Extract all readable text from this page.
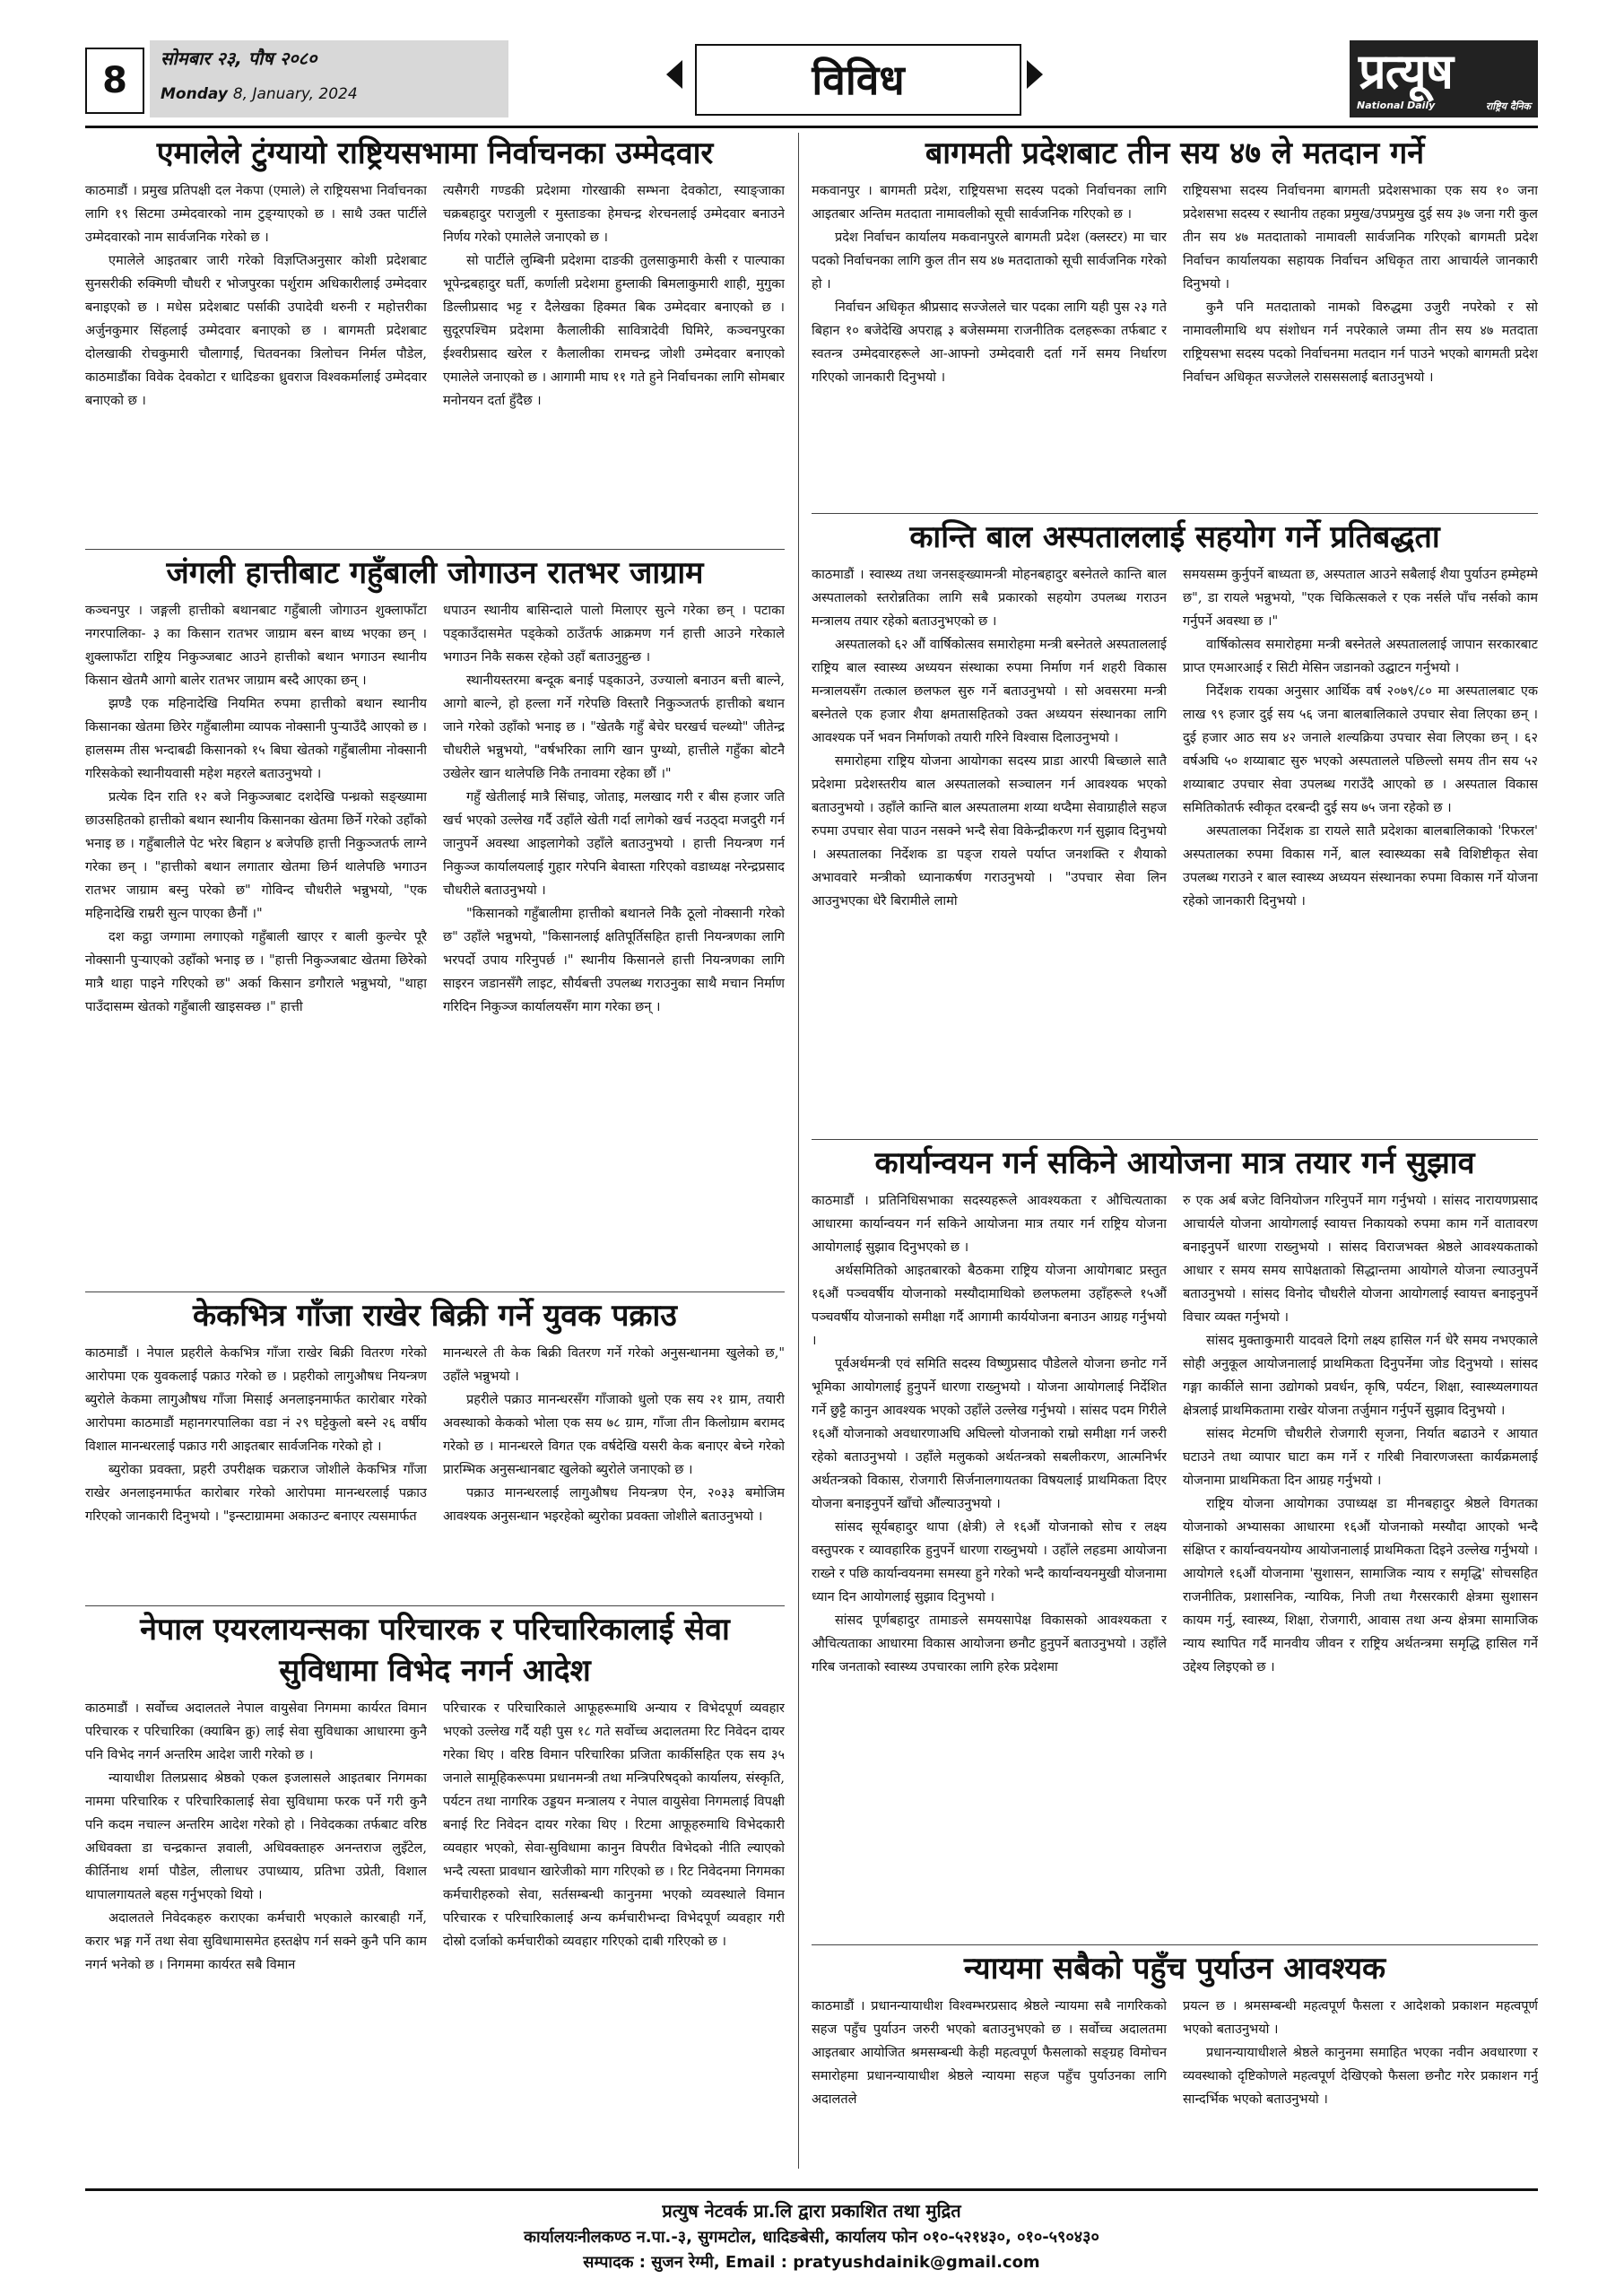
8
सोमबार २३, पौष २०८०
Monday 8, January, 2024	विविध	प्रत्यूष
National Daily	राष्ट्रिय दैनिक
एमालेले टुंग्यायो राष्ट्रियसभामा निर्वाचनका उम्मेदवार

काठमाडौं । प्रमुख प्रतिपक्षी दल नेकपा (एमाले) ले राष्ट्रियसभा निर्वाचनका लागि १९ सिटमा उम्मेदवारको नाम टुङ्ग्याएको छ । साथै उक्त पार्टीले उम्मेदवारको नाम सार्वजनिक गरेको छ ।

एमालेले आइतबार जारी गरेको विज्ञप्तिअनुसार कोशी प्रदेशबाट सुनसरीकी रुक्मिणी चौधरी र भोजपुरका पर्शुराम अधिकारीलाई उम्मेदवार बनाइएको छ । मधेस प्रदेशबाट पर्साकी उपादेवी थरुनी र महोत्तरीका अर्जुनकुमार सिंहलाई उम्मेदवार बनाएको छ । बागमती प्रदेशबाट दोलखाकी रोचकुमारी चौलागाईं, चितवनका त्रिलोचन निर्मल पौडेल, काठमाडौंका विवेक देवकोटा र धादिङका ध्रुवराज विश्वकर्मालाई उम्मेदवार बनाएको छ ।

त्यसैगरी गण्डकी प्रदेशमा गोरखाकी सम्भना देवकोटा, स्याङ्जाका चक्रबहादुर पराजुली र मुस्ताङका हेमचन्द्र शेरचनलाई उम्मेदवार बनाउने निर्णय गरेको एमालेले जनाएको छ ।

सो पार्टीले लुम्बिनी प्रदेशमा दाङकी तुलसाकुमारी केसी र पाल्पाका भूपेन्द्रबहादुर घर्ती, कर्णाली प्रदेशमा हुम्लाकी बिमलाकुमारी शाही, मुगुका डिल्लीप्रसाद भट्ट र दैलेखका हिक्मत बिक उम्मेदवार बनाएको छ । सुदूरपश्चिम प्रदेशमा कैलालीकी सावित्रादेवी घिमिरे, कञ्चनपुरका ईश्वरीप्रसाद खरेल र कैलालीका रामचन्द्र जोशी उम्मेदवार बनाएको एमालेले जनाएको छ । आगामी माघ ११ गते हुने निर्वाचनका लागि सोमबार मनोनयन दर्ता हुँदैछ ।

बागमती प्रदेशबाट तीन सय ४७ ले मतदान गर्ने

मकवानपुर । बागमती प्रदेश, राष्ट्रियसभा सदस्य पदको निर्वाचनका लागि आइतबार अन्तिम मतदाता नामावलीको सूची सार्वजनिक गरिएको छ ।

प्रदेश निर्वाचन कार्यालय मकवानपुरले बागमती प्रदेश (क्लस्टर) मा चार पदको निर्वाचनका लागि कुल तीन सय ४७ मतदाताको सूची सार्वजनिक गरेको हो ।

निर्वाचन अधिकृत श्रीप्रसाद सज्जेलले चार पदका लागि यही पुस २३ गते बिहान १० बजेदेखि अपराह्न ३ बजेसम्ममा राजनीतिक दलहरूका तर्फबाट र स्वतन्त्र उम्मेदवारहरूले आ-आफ्नो उम्मेदवारी दर्ता गर्ने समय निर्धारण गरिएको जानकारी दिनुभयो ।

राष्ट्रियसभा सदस्य निर्वाचनमा बागमती प्रदेशसभाका एक सय १० जना प्रदेशसभा सदस्य र स्थानीय तहका प्रमुख/उपप्रमुख दुई सय ३७ जना गरी कुल तीन सय ४७ मतदाताको नामावली सार्वजनिक गरिएको बागमती प्रदेश निर्वाचन कार्यालयका सहायक निर्वाचन अधिकृत तारा आचार्यले जानकारी दिनुभयो ।

कुनै पनि मतदाताको नामको विरुद्धमा उजुरी नपरेको र सो नामावलीमाथि थप संशोधन गर्न नपरेकाले जम्मा तीन सय ४७ मतदाता राष्ट्रियसभा सदस्य पदको निर्वाचनमा मतदान गर्न पाउने भएको बागमती प्रदेश निर्वाचन अधिकृत सज्जेलले रासससलाई बताउनुभयो ।

जंगली हात्तीबाट गहुँबाली जोगाउन रातभर जाग्राम

कञ्चनपुर । जङ्गली हात्तीको बथानबाट गहुँबाली जोगाउन शुक्लाफाँटा नगरपालिका- ३ का किसान रातभर जाग्राम बस्न बाध्य भएका छन् । शुक्लाफाँटा राष्ट्रिय निकुञ्जबाट आउने हात्तीको बथान भगाउन स्थानीय किसान खेतमै आगो बालेर रातभर जाग्राम बस्दै आएका छन् ।

झण्डै एक महिनादेखि नियमित रुपमा हात्तीको बथान स्थानीय किसानका खेतमा छिरेर गहुँबालीमा व्यापक नोक्सानी पुऱ्याउँदै आएको छ । हालसम्म तीस भन्दाबढी किसानको १५ बिघा खेतको गहुँबालीमा नोक्सानी गरिसकेको स्थानीयवासी महेश महरले बताउनुभयो ।

प्रत्येक दिन राति १२ बजे निकुञ्जबाट दशदेखि पन्ध्रको सङ्ख्यामा छाउसहितको हात्तीको बथान स्थानीय किसानका खेतमा छिर्ने गरेको उहाँको भनाइ छ । गहुँबालीले पेट भरेर बिहान ४ बजेपछि हात्ती निकुञ्जतर्फ लाग्ने गरेका छन् । "हात्तीको बथान लगातार खेतमा छिर्न थालेपछि भगाउन रातभर जाग्राम बस्नु परेको छ" गोविन्द चौधरीले भन्नुभयो, "एक महिनादेखि राम्ररी सुत्न पाएका छैनौं ।"

दश कट्ठा जग्गामा लगाएको गहुँबाली खाएर र बाली कुल्चेर पूरै नोक्सानी पुऱ्याएको उहाँको भनाइ छ । "हात्ती निकुञ्जबाट खेतमा छिरेको मात्रै थाहा पाइने गरिएको छ" अर्का किसान डगौराले भन्नुभयो, "थाहा पाउँदासम्म खेतको गहुँबाली खाइसक्छ ।" हात्ती

धपाउन स्थानीय बासिन्दाले पालो मिलाएर सुत्ने गरेका छन् । पटाका पड्काउँदासमेत पड्केको ठाउँतर्फ आक्रमण गर्न हात्ती आउने गरेकाले भगाउन निकै सकस रहेको उहाँ बताउनुहुन्छ ।

स्थानीयस्तरमा बन्दूक बनाई पड्काउने, उज्यालो बनाउन बत्ती बाल्ने, आगो बाल्ने, हो हल्ला गर्ने गरेपछि विस्तारै निकुञ्जतर्फ हात्तीको बथान जाने गरेको उहाँको भनाइ छ । "खेतकै गहुँ बेचेर घरखर्च चल्थ्यो" जीतेन्द्र चौधरीले भन्नुभयो, "वर्षभरिका लागि खान पुग्थ्यो, हात्तीले गहुँका बोटनै उखेलेर खान थालेपछि निकै तनावमा रहेका छौं ।"

गहुँ खेतीलाई मात्रै सिंचाइ, जोताइ, मलखाद गरी र बीस हजार जति खर्च भएको उल्लेख गर्दै उहाँले खेती गर्दा लागेको खर्च नउठ्दा मजदुरी गर्न जानुपर्ने अवस्था आइलागेको उहाँले बताउनुभयो । हात्ती नियन्त्रण गर्न निकुञ्ज कार्यालयलाई गुहार गरेपनि बेवास्ता गरिएको वडाध्यक्ष नरेन्द्रप्रसाद चौधरीले बताउनुभयो ।

"किसानको गहुँबालीमा हात्तीको बथानले निकै ठूलो नोक्सानी गरेको छ" उहाँले भन्नुभयो, "किसानलाई क्षतिपूर्तिसहित हात्ती नियन्त्रणका लागि भरपर्दो उपाय गरिनुपर्छ ।" स्थानीय किसानले हात्ती नियन्त्रणका लागि साइरन जडानसँगै लाइट, सौर्यबत्ती उपलब्ध गराउनुका साथै मचान निर्माण गरिदिन निकुञ्ज कार्यालयसँग माग गरेका छन् ।

कान्ति बाल अस्पताललाई सहयोग गर्ने प्रतिबद्धता

काठमाडौं । स्वास्थ्य तथा जनसङ्ख्यामन्त्री मोहनबहादुर बस्नेतले कान्ति बाल अस्पतालको स्तरोन्नतिका लागि सबै प्रकारको सहयोग उपलब्ध गराउन मन्त्रालय तयार रहेको बताउनुभएको छ ।

अस्पतालको ६२ औं वार्षिकोत्सव समारोहमा मन्त्री बस्नेतले अस्पताललाई राष्ट्रिय बाल स्वास्थ्य अध्ययन संस्थाका रुपमा निर्माण गर्न शहरी विकास मन्त्रालयसँग तत्काल छलफल सुरु गर्ने बताउनुभयो । सो अवसरमा मन्त्री बस्नेतले एक हजार शैया क्षमतासहितको उक्त अध्ययन संस्थानका लागि आवश्यक पर्ने भवन निर्माणको तयारी गरिने विश्वास दिलाउनुभयो ।

समारोहमा राष्ट्रिय योजना आयोगका सदस्य प्राडा आरपी बिच्छाले सातै प्रदेशमा प्रदेशस्तरीय बाल अस्पतालको सञ्चालन गर्न आवश्यक भएको बताउनुभयो । उहाँले कान्ति बाल अस्पतालमा शय्या थप्दैमा सेवाग्राहीले सहज रुपमा उपचार सेवा पाउन नसक्ने भन्दै सेवा विकेन्द्रीकरण गर्न सुझाव दिनुभयो । अस्पतालका निर्देशक डा पङ्ज रायले पर्याप्त जनशक्ति र शैयाको अभाववारे मन्त्रीको ध्यानाकर्षण गराउनुभयो । "उपचार सेवा लिन आउनुभएका धेरै बिरामीले लामो

समयसम्म कुर्नुपर्ने बाध्यता छ, अस्पताल आउने सबैलाई शैया पुर्याउन हम्मेहम्मे छ", डा रायले भन्नुभयो, "एक चिकित्सकले र एक नर्सले पाँच नर्सको काम गर्नुपर्ने अवस्था छ ।"

वार्षिकोत्सव समारोहमा मन्त्री बस्नेतले अस्पताललाई जापान सरकारबाट प्राप्त एमआरआई र सिटी मेसिन जडानको उद्घाटन गर्नुभयो ।

निर्देशक रायका अनुसार आर्थिक वर्ष २०७९/८० मा अस्पतालबाट एक लाख ९९ हजार दुई सय ५६ जना बालबालिकाले उपचार सेवा लिएका छन् । दुई हजार आठ सय ४२ जनाले शल्यक्रिया उपचार सेवा लिएका छन् । ६२ वर्षअघि ५० शय्याबाट सुरु भएको अस्पतालले पछिल्लो समय तीन सय ५२ शय्याबाट उपचार सेवा उपलब्ध गराउँदै आएको छ । अस्पताल विकास समितिकोतर्फ स्वीकृत दरबन्दी दुई सय ७५ जना रहेको छ ।

अस्पतालका निर्देशक डा रायले सातै प्रदेशका बालबालिकाको 'रिफरल' अस्पतालका रुपमा विकास गर्ने, बाल स्वास्थ्यका सबै विशिष्टीकृत सेवा उपलब्ध गराउने र बाल स्वास्थ्य अध्ययन संस्थानका रुपमा विकास गर्ने योजना रहेको जानकारी दिनुभयो ।

कार्यान्वयन गर्न सकिने आयोजना मात्र तयार गर्न सुझाव

काठमाडौं । प्रतिनिधिसभाका सदस्यहरूले आवश्यकता र औचित्यताका आधारमा कार्यान्वयन गर्न सकिने आयोजना मात्र तयार गर्न राष्ट्रिय योजना आयोगलाई सुझाव दिनुभएको छ ।

अर्थसमितिको आइतबारको बैठकमा राष्ट्रिय योजना आयोगबाट प्रस्तुत १६औं पञ्चवर्षीय योजनाको मस्यौदामाथिको छलफलमा उहाँहरूले १५औं पञ्चवर्षीय योजनाको समीक्षा गर्दै आगामी कार्ययोजना बनाउन आग्रह गर्नुभयो ।

पूर्वअर्थमन्त्री एवं समिति सदस्य विष्णुप्रसाद पौडेलले योजना छनोट गर्ने भूमिका आयोगलाई हुनुपर्ने धारणा राख्नुभयो । योजना आयोगलाई निर्देशित गर्ने छुट्टै कानुन आवश्यक भएको उहाँले उल्लेख गर्नुभयो । सांसद पदम गिरीले १६औं योजनाको अवधारणाअघि अघिल्लो योजनाको राम्रो समीक्षा गर्न जरुरी रहेको बताउनुभयो । उहाँले मलुकको अर्थतन्त्रको सबलीकरण, आत्मनिर्भर अर्थतन्त्रको विकास, रोजगारी सिर्जनालगायतका विषयलाई प्राथमिकता दिएर योजना बनाइनुपर्ने खाँचो औंल्याउनुभयो ।

सांसद सूर्यबहादुर थापा (क्षेत्री) ले १६औं योजनाको सोच र लक्ष्य वस्तुपरक र व्यावहारिक हुनुपर्ने धारणा राख्नुभयो । उहाँले लहडमा आयोजना राख्ने र पछि कार्यान्वयनमा समस्या हुने गरेको भन्दै कार्यान्वयनमुखी योजनामा ध्यान दिन आयोगलाई सुझाव दिनुभयो ।

सांसद पूर्णबहादुर तामाङले समयसापेक्ष विकासको आवश्यकता र औचित्यताका आधारमा विकास आयोजना छनौट हुनुपर्ने बताउनुभयो । उहाँले गरिब जनताको स्वास्थ्य उपचारका लागि हरेक प्रदेशमा

रु एक अर्ब बजेट विनियोजन गरिनुपर्ने माग गर्नुभयो । सांसद नारायणप्रसाद आचार्यले योजना आयोगलाई स्वायत्त निकायको रुपमा काम गर्ने वातावरण बनाइनुपर्ने धारणा राख्नुभयो । सांसद विराजभक्त श्रेष्ठले आवश्यकताको आधार र समय समय सापेक्षताको सिद्धान्तमा आयोगले योजना ल्याउनुपर्ने बताउनुभयो । सांसद विनोद चौधरीले योजना आयोगलाई स्वायत्त बनाइनुपर्ने विचार व्यक्त गर्नुभयो ।

सांसद मुक्ताकुमारी यादवले दिगो लक्ष्य हासिल गर्न धेरै समय नभएकाले सोही अनुकूल आयोजनालाई प्राथमिकता दिनुपर्नेमा जोड दिनुभयो । सांसद गङ्गा कार्कीले साना उद्योगको प्रवर्धन, कृषि, पर्यटन, शिक्षा, स्वास्थ्यलगायत क्षेत्रलाई प्राथमिकतामा राखेर योजना तर्जुमान गर्नुपर्ने सुझाव दिनुभयो ।

सांसद मेटमणि चौधरीले रोजगारी सृजना, निर्यात बढाउने र आयात घटाउने तथा व्यापार घाटा कम गर्ने र गरिबी निवारणजस्ता कार्यक्रमलाई योजनामा प्राथमिकता दिन आग्रह गर्नुभयो ।

राष्ट्रिय योजना आयोगका उपाध्यक्ष डा मीनबहादुर श्रेष्ठले विगतका योजनाको अभ्यासका आधारमा १६औं योजनाको मस्यौदा आएको भन्दै संक्षिप्त र कार्यान्वयनयोग्य आयोजनालाई प्राथमिकता दिइने उल्लेख गर्नुभयो । आयोगले १६औं योजनामा 'सुशासन, सामाजिक न्याय र समृद्धि' सोचसहित राजनीतिक, प्रशासनिक, न्यायिक, निजी तथा गैरसरकारी क्षेत्रमा सुशासन कायम गर्नु, स्वास्थ्य, शिक्षा, रोजगारी, आवास तथा अन्य क्षेत्रमा सामाजिक न्याय स्थापित गर्दै मानवीय जीवन र राष्ट्रिय अर्थतन्त्रमा समृद्धि हासिल गर्ने उद्देश्य लिइएको छ ।

केकभित्र गाँजा राखेर बिक्री गर्ने युवक पक्राउ

काठमाडौं । नेपाल प्रहरीले केकभित्र गाँजा राखेर बिक्री वितरण गरेको आरोपमा एक युवकलाई पक्राउ गरेको छ । प्रहरीको लागुऔषध नियन्त्रण ब्युरोले केकमा लागुऔषध गाँजा मिसाई अनलाइनमार्फत कारोबार गरेको आरोपमा काठमाडौं महानगरपालिका वडा नं २९ घट्टेकुलो बस्ने २६ वर्षीय विशाल मानन्धरलाई पक्राउ गरी आइतबार सार्वजनिक गरेको हो ।

ब्युरोका प्रवक्ता, प्रहरी उपरीक्षक चक्रराज जोशीले केकभित्र गाँजा राखेर अनलाइनमार्फत कारोबार गरेको आरोपमा मानन्धरलाई पक्राउ गरिएको जानकारी दिनुभयो । "इन्स्टाग्राममा अकाउन्ट बनाएर त्यसमार्फत

मानन्धरले ती केक बिक्री वितरण गर्ने गरेको अनुसन्धानमा खुलेको छ," उहाँले भन्नुभयो ।

प्रहरीले पक्राउ मानन्धरसँग गाँजाको धुलो एक सय २१ ग्राम, तयारी अवस्थाको केकको भोला एक सय ७८ ग्राम, गाँजा तीन किलोग्राम बरामद गरेको छ । मानन्धरले विगत एक वर्षदेखि यसरी केक बनाएर बेच्ने गरेको प्रारम्भिक अनुसन्धानबाट खुलेको ब्युरोले जनाएको छ ।

पक्राउ मानन्धरलाई लागुऔषध नियन्त्रण ऐन, २०३३ बमोजिम आवश्यक अनुसन्धान भइरहेको ब्युरोका प्रवक्ता जोशीले बताउनुभयो ।

नेपाल एयरलायन्सका परिचारक र परिचारिकालाई सेवा
सुविधामा विभेद नगर्न आदेश

काठमाडौं । सर्वोच्च अदालतले नेपाल वायुसेवा निगममा कार्यरत विमान परिचारक र परिचारिका (क्याबिन क्रु) लाई सेवा सुविधाका आधारमा कुनै पनि विभेद नगर्न अन्तरिम आदेश जारी गरेको छ ।

न्यायाधीश तिलप्रसाद श्रेष्ठको एकल इजलासले आइतबार निगमका नाममा परिचारिक र परिचारिकालाई सेवा सुविधामा फरक पर्ने गरी कुनै पनि कदम नचाल्न अन्तरिम आदेश गरेको हो । निवेदकका तर्फबाट वरिष्ठ अधिवक्ता डा चन्द्रकान्त ज्ञवाली, अधिवक्ताहरु अनन्तराज लुइँटेल, कीर्तिनाथ शर्मा पौडेल, लीलाधर उपाध्याय, प्रतिभा उप्रेती, विशाल थापालगायतले बहस गर्नुभएको थियो ।

अदालतले निवेदकहरु कराएका कर्मचारी भएकाले कारबाही गर्ने, करार भङ्ग गर्ने तथा सेवा सुविधामासमेत हस्तक्षेप गर्न सक्ने कुनै पनि काम नगर्न भनेको छ । निगममा कार्यरत सबै विमान

परिचारक र परिचारिकाले आफूहरूमाथि अन्याय र विभेदपूर्ण व्यवहार भएको उल्लेख गर्दै यही पुस १८ गते सर्वोच्च अदालतमा रिट निवेदन दायर गरेका थिए । वरिष्ठ विमान परिचारिका प्रजिता कार्कीसहित एक सय ३५ जनाले सामूहिकरूपमा प्रधानमन्त्री तथा मन्त्रिपरिषद्को कार्यालय, संस्कृति, पर्यटन तथा नागरिक उड्डयन मन्त्रालय र नेपाल वायुसेवा निगमलाई विपक्षी बनाई रिट निवेदन दायर गरेका थिए । रिटमा आफूहरुमाथि विभेदकारी व्यवहार भएको, सेवा-सुविधामा कानुन विपरीत विभेदको नीति ल्याएको भन्दै त्यस्ता प्रावधान खारेजीको माग गरिएको छ । रिट निवेदनमा निगमका कर्मचारीहरुको सेवा, सर्तसम्बन्धी कानुनमा भएको व्यवस्थाले विमान परिचारक र परिचारिकालाई अन्य कर्मचारीभन्दा विभेदपूर्ण व्यवहार गरी दोस्रो दर्जाको कर्मचारीको व्यवहार गरिएको दाबी गरिएको छ ।

न्यायमा सबैको पहुँच पुर्याउन आवश्यक

काठमाडौं । प्रधानन्यायाधीश विश्वम्भरप्रसाद श्रेष्ठले न्यायमा सबै नागरिकको सहज पहुँच पुर्याउन जरुरी भएको बताउनुभएको छ । सर्वोच्च अदालतमा आइतबार आयोजित श्रमसम्बन्धी केही महत्वपूर्ण फैसलाको सङ्ग्रह विमोचन समारोहमा प्रधानन्यायाधीश श्रेष्ठले न्यायमा सहज पहुँच पुर्याउनका लागि अदालतले

प्रयत्न छ । श्रमसम्बन्धी महत्वपूर्ण फैसला र आदेशको प्रकाशन महत्वपूर्ण भएको बताउनुभयो ।

प्रधानन्यायाधीशले श्रेष्ठले कानुनमा समाहित भएका नवीन अवधारणा र व्यवस्थाको दृष्टिकोणले महत्वपूर्ण देखिएको फैसला छनौट गरेर प्रकाशन गर्नु सान्दर्भिक भएको बताउनुभयो ।

प्रत्युष नेटवर्क प्रा.लि द्वारा प्रकाशित तथा मुद्रित
कार्यालयःनीलकण्ठ न.पा.-३, सुगमटोल, धादिङबेसी, कार्यालय फोन ०१०-५२१४३०, ०१०-५९०४३०
सम्पादक : सुजन रेग्मी, Email : pratyushdainik@gmail.com
